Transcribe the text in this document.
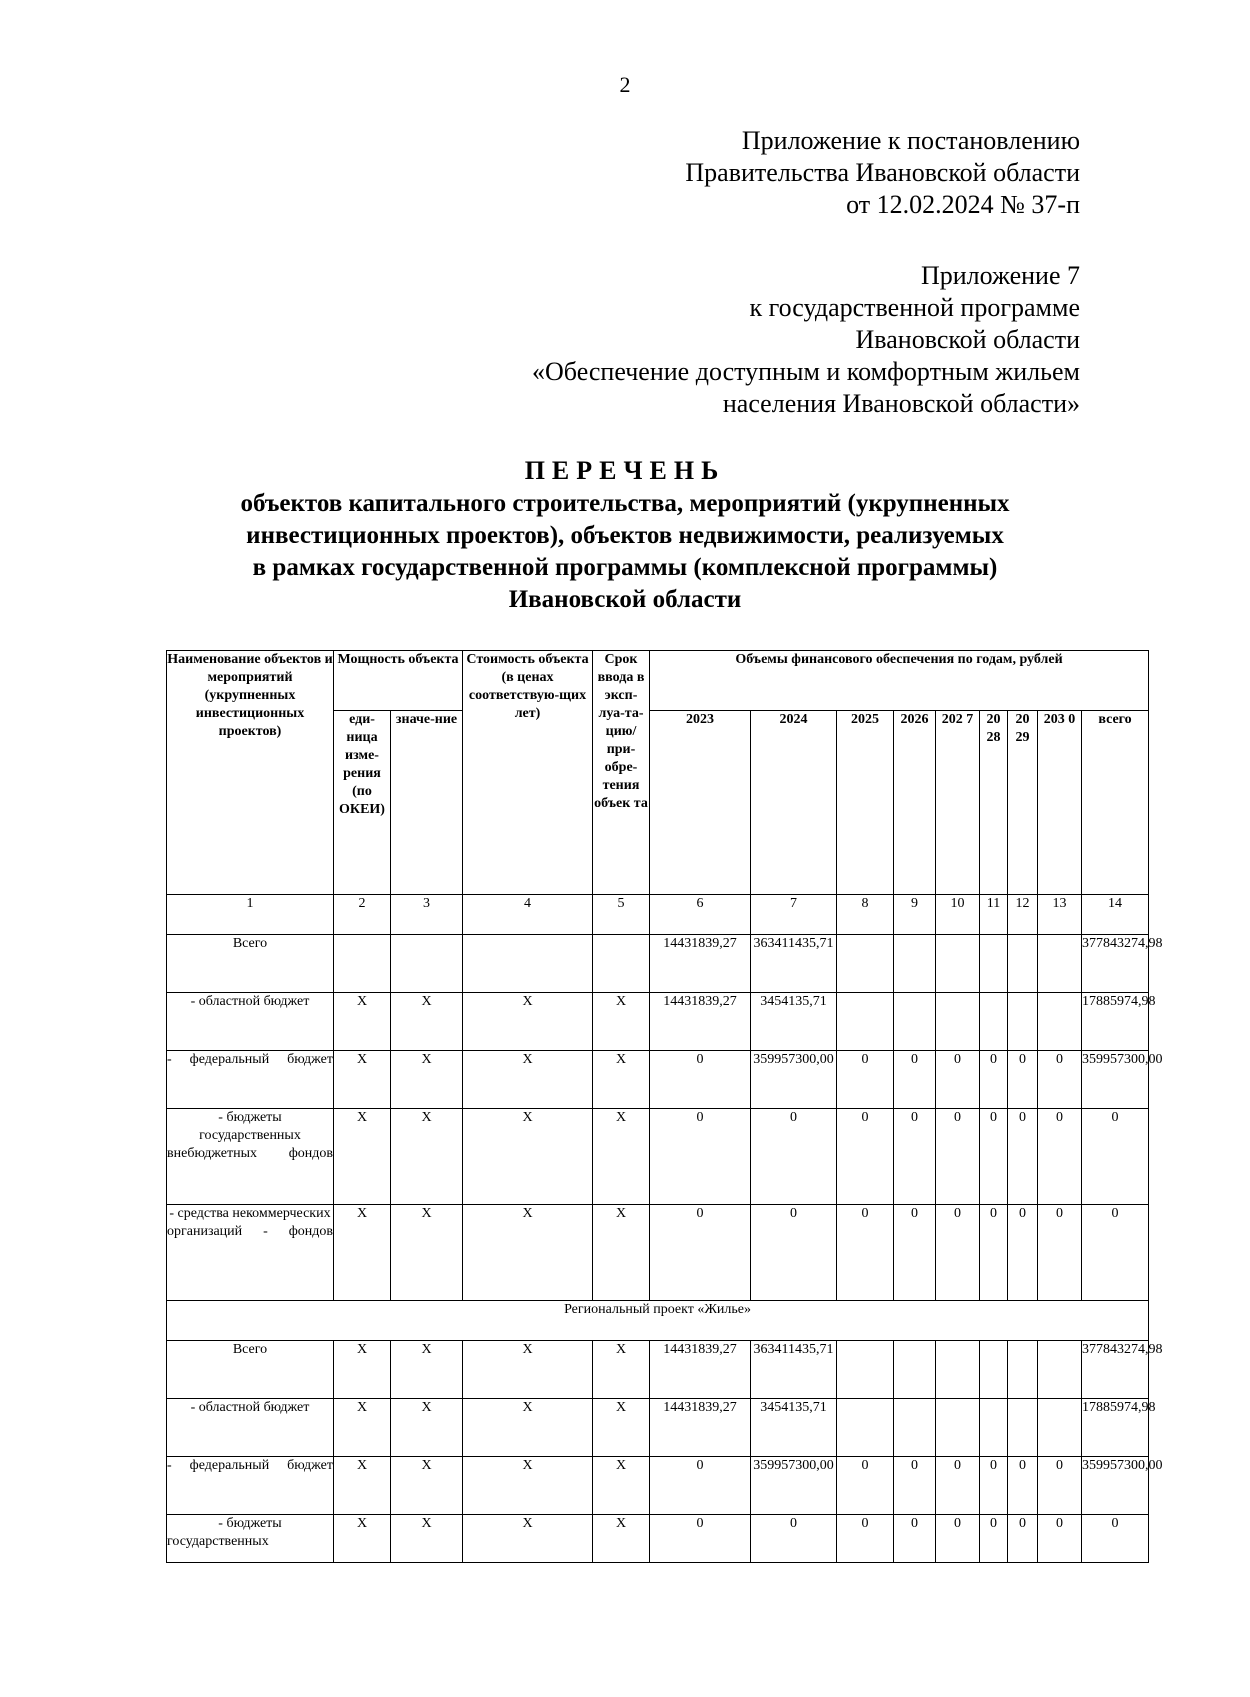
2
Приложение к постановлению
Правительства Ивановской области
от 12.02.2024 № 37-п
Приложение 7
к государственной программе
Ивановской области
«Обеспечение доступным и комфортным жильем
населения Ивановской области»
ПЕРЕЧЕНЬ
объектов капитального строительства, мероприятий (укрупненных
инвестиционных проектов), объектов недвижимости, реализуемых
в рамках государственной программы (комплексной программы)
Ивановской области
Наименование объектов и мероприятий (укрупненных инвестиционных проектов)	Мощность объекта		Стоимость объекта (в ценах соответствую-щих лет)	Срок ввода в эксп-луа-та-цию/ при-обре-тения объек та	Объемы финансового обеспечения по годам, рублей								
	еди-ница изме-рения (по ОКЕИ)	значе-ние			2023	2024	2025	2026	202 7	20 28	20 29	203 0	всего
1	2	3	4	5	6	7	8	9	10	11	12	13	14
Всего					14431839,27	363411435,71							377843274,98
- областной бюджет	X	X	X	X	14431839,27	3454135,71							17885974,98
- федеральный бюджет	X	X	X	X	0	359957300,00	0	0	0	0	0	0	359957300,00
- бюджеты государственных внебюджетных фондов	X	X	X	X	0	0	0	0	0	0	0	0	0
- средства некоммерческих организаций - фондов	X	X	X	X	0	0	0	0	0	0	0	0	0
Региональный проект «Жилье»													
Всего	X	X	X	X	14431839,27	363411435,71							377843274,98
- областной бюджет	X	X	X	X	14431839,27	3454135,71							17885974,98
- федеральный бюджет	X	X	X	X	0	359957300,00	0	0	0	0	0	0	359957300,00
- бюджеты государственных	X	X	X	X	0	0	0	0	0	0	0	0	0
